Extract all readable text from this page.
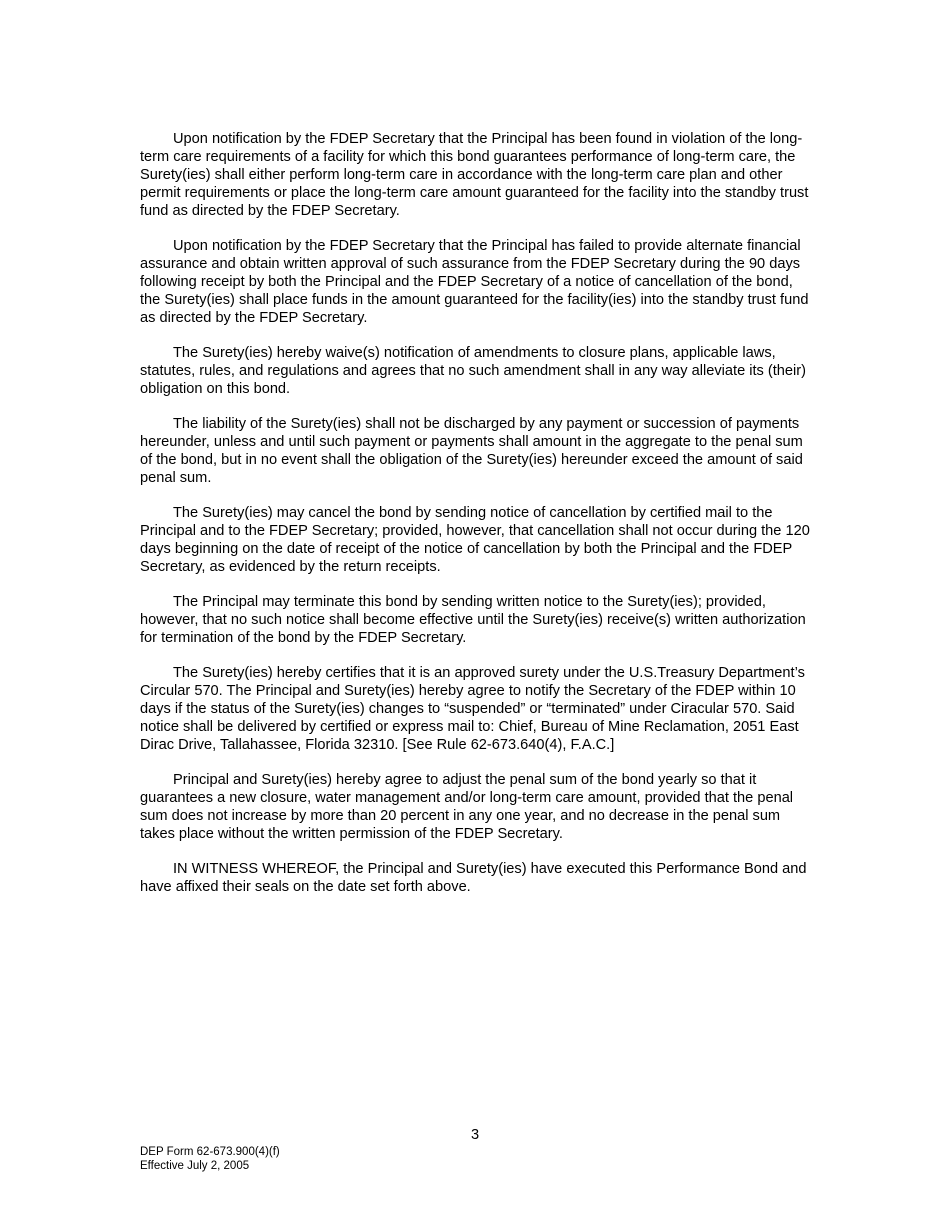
Upon notification by the FDEP Secretary that the Principal has been found in violation of the long-term care requirements of a facility for which this bond guarantees performance of long-term care, the Surety(ies) shall either perform long-term care in accordance with the long-term care plan and other permit requirements or place the long-term care amount guaranteed for the facility into the standby trust fund as directed by the FDEP Secretary.

Upon notification by the FDEP Secretary that the Principal has failed to provide alternate financial assurance and obtain written approval of such assurance from the FDEP Secretary during the 90 days following receipt by both the Principal and the FDEP Secretary of a notice of cancellation of the bond, the Surety(ies) shall place funds in the amount guaranteed for the facility(ies) into the standby trust fund as directed by the FDEP Secretary.

The Surety(ies) hereby waive(s) notification of amendments to closure plans, applicable laws, statutes, rules, and regulations and agrees that no such amendment shall in any way alleviate its (their) obligation on this bond.

The liability of the Surety(ies) shall not be discharged by any payment or succession of payments hereunder, unless and until such payment or payments shall amount in the aggregate to the penal sum of the bond, but in no event shall the obligation of the Surety(ies) hereunder exceed the amount of said penal sum.

The Surety(ies) may cancel the bond by sending notice of cancellation by certified mail to the Principal and to the FDEP Secretary; provided, however, that cancellation shall not occur during the 120 days beginning on the date of receipt of the notice of cancellation by both the Principal and the FDEP Secretary, as evidenced by the return receipts.

The Principal may terminate this bond by sending written notice to the Surety(ies); provided, however, that no such notice shall become effective until the Surety(ies) receive(s) written authorization for termination of the bond by the FDEP Secretary.

The Surety(ies) hereby certifies that it is an approved surety under the U.S.Treasury Department’s Circular 570. The Principal and Surety(ies) hereby agree to notify the Secretary of the FDEP within 10 days if the status of the Surety(ies) changes to “suspended” or “terminated” under Ciracular 570. Said notice shall be delivered by certified or express mail to: Chief, Bureau of Mine Reclamation, 2051 East Dirac Drive, Tallahassee, Florida 32310. [See Rule 62-673.640(4), F.A.C.]

Principal and Surety(ies) hereby agree to adjust the penal sum of the bond yearly so that it guarantees a new closure, water management and/or long-term care amount, provided that the penal sum does not increase by more than 20 percent in any one year, and no decrease in the penal sum takes place without the written permission of the FDEP Secretary.

IN WITNESS WHEREOF, the Principal and Surety(ies) have executed this Performance Bond and have affixed their seals on the date set forth above.

3
DEP Form 62-673.900(4)(f)
Effective July 2, 2005
